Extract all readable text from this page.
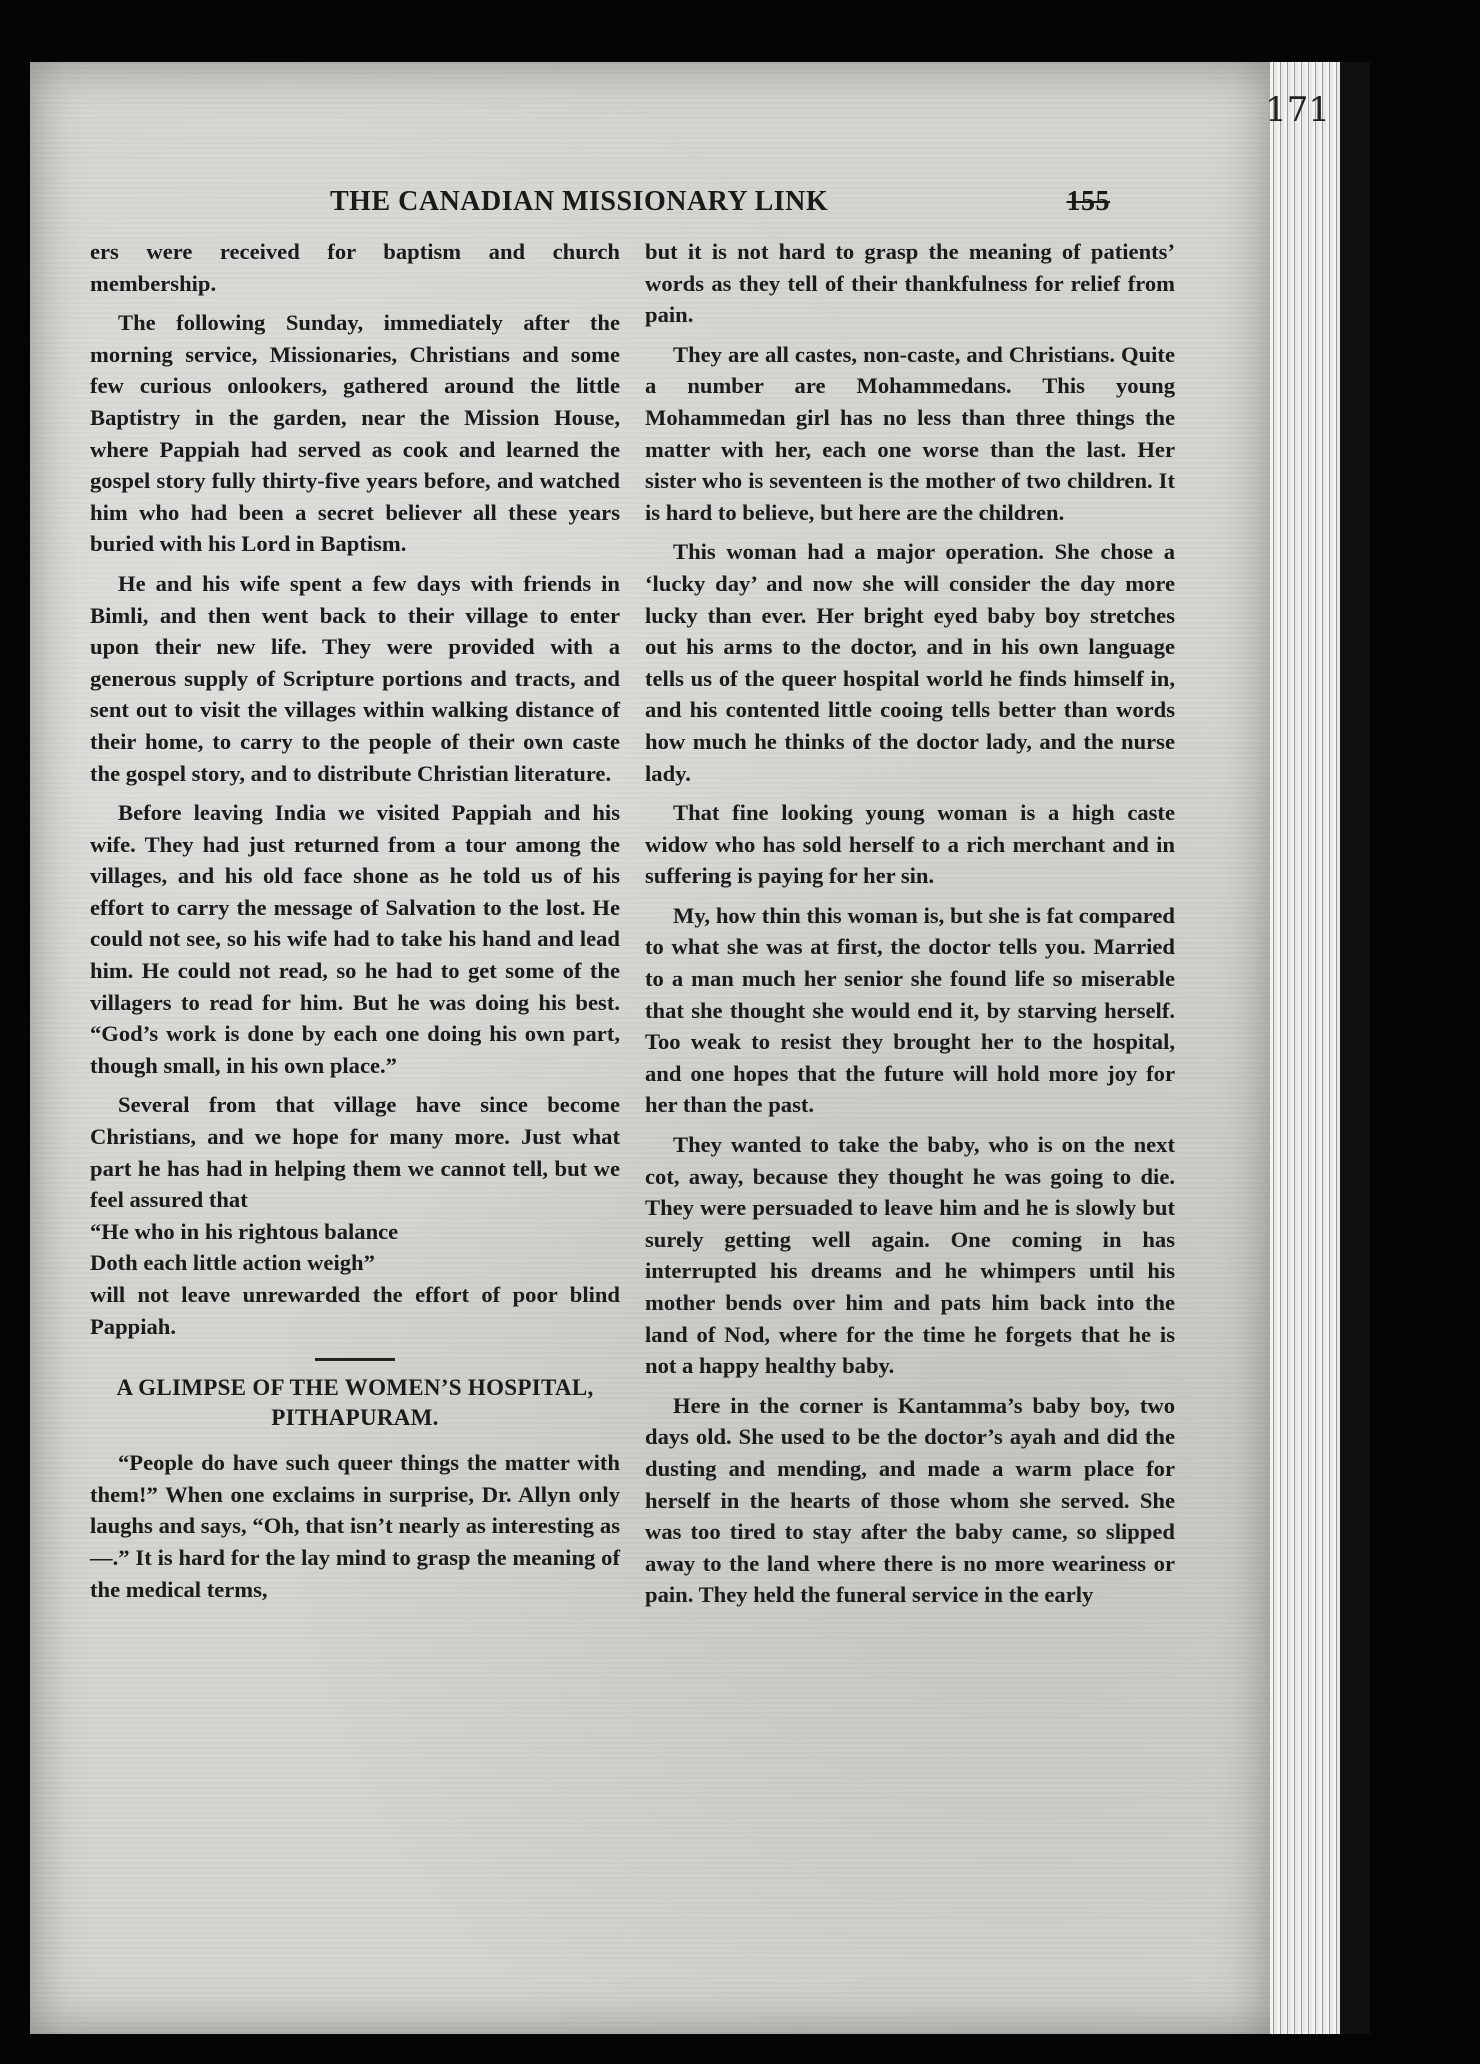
171
THE CANADIAN MISSIONARY LINK	155

ers were received for baptism and church membership.

The following Sunday, immediately after the morning service, Missionaries, Christians and some few curious onlookers, gathered around the little Baptistry in the garden, near the Mission House, where Pappiah had served as cook and learned the gospel story fully thirty-five years before, and watched him who had been a secret believer all these years buried with his Lord in Baptism.

He and his wife spent a few days with friends in Bimli, and then went back to their village to enter upon their new life. They were provided with a generous supply of Scripture portions and tracts, and sent out to visit the villages within walking distance of their home, to carry to the people of their own caste the gospel story, and to distribute Christian literature.

Before leaving India we visited Pappiah and his wife. They had just returned from a tour among the villages, and his old face shone as he told us of his effort to carry the message of Salvation to the lost. He could not see, so his wife had to take his hand and lead him. He could not read, so he had to get some of the villagers to read for him. But he was doing his best. “God’s work is done by each one doing his own part, though small, in his own place.”

Several from that village have since become Christians, and we hope for many more. Just what part he has had in helping them we cannot tell, but we feel assured that

“He who in his rightous balance

Doth each little action weigh”

will not leave unrewarded the effort of poor blind Pappiah.

A GLIMPSE OF THE WOMEN’S HOSPITAL, PITHAPURAM.

“People do have such queer things the matter with them!” When one exclaims in surprise, Dr. Allyn only laughs and says, “Oh, that isn’t nearly as interesting as—.” It is hard for the lay mind to grasp the meaning of the medical terms,

but it is not hard to grasp the meaning of patients’ words as they tell of their thankfulness for relief from pain.

They are all castes, non-caste, and Christians. Quite a number are Mohammedans. This young Mohammedan girl has no less than three things the matter with her, each one worse than the last. Her sister who is seventeen is the mother of two children. It is hard to believe, but here are the children.

This woman had a major operation. She chose a ‘lucky day’ and now she will consider the day more lucky than ever. Her bright eyed baby boy stretches out his arms to the doctor, and in his own language tells us of the queer hospital world he finds himself in, and his contented little cooing tells better than words how much he thinks of the doctor lady, and the nurse lady.

That fine looking young woman is a high caste widow who has sold herself to a rich merchant and in suffering is paying for her sin.

My, how thin this woman is, but she is fat compared to what she was at first, the doctor tells you. Married to a man much her senior she found life so miserable that she thought she would end it, by starving herself. Too weak to resist they brought her to the hospital, and one hopes that the future will hold more joy for her than the past.

They wanted to take the baby, who is on the next cot, away, because they thought he was going to die. They were persuaded to leave him and he is slowly but surely getting well again. One coming in has interrupted his dreams and he whimpers until his mother bends over him and pats him back into the land of Nod, where for the time he forgets that he is not a happy healthy baby.

Here in the corner is Kantamma’s baby boy, two days old. She used to be the doctor’s ayah and did the dusting and mending, and made a warm place for herself in the hearts of those whom she served. She was too tired to stay after the baby came, so slipped away to the land where there is no more weariness or pain. They held the funeral service in the early
